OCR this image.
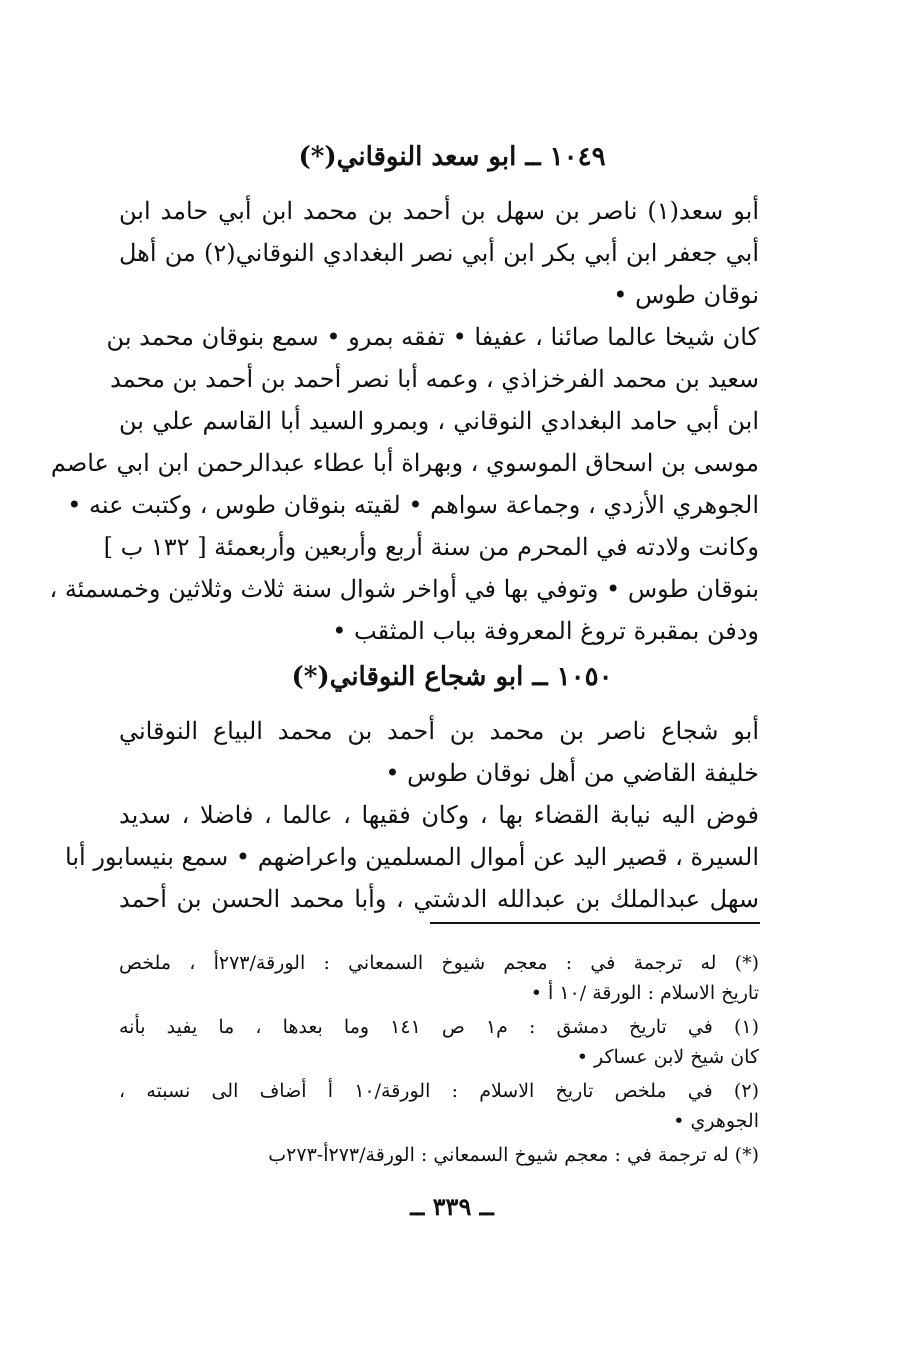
١٠٤٩ ــ ابو سعد النوقاني(*)
أبو سعد(١) ناصر بن سهل بن أحمد بن محمد ابن أبي حامد ابن
أبي جعفر ابن أبي بكر ابن أبي نصر البغدادي النوقاني(٢) من أهل
نوقان طوس •
كان شيخا عالما صائنا ، عفيفا • تفقه بمرو • سمع بنوقان محمد بن
سعيد بن محمد الفرخزاذي ، وعمه أبا نصر أحمد بن أحمد بن محمد
ابن أبي حامد البغدادي النوقاني ، وبمرو السيد أبا القاسم علي بن
موسى بن اسحاق الموسوي ، وبهراة أبا عطاء عبدالرحمن ابن ابي عاصم
الجوهري الأزدي ، وجماعة سواهم • لقيته بنوقان طوس ، وكتبت عنه •
وكانت ولادته في المحرم من سنة أربع وأربعين وأربعمئة [ ١٣٢ ب ]
بنوقان طوس • وتوفي بها في أواخر شوال سنة ثلاث وثلاثين وخمسمئة ،
ودفن بمقبرة تروغ المعروفة بباب المثقب •
١٠٥٠ ــ ابو شجاع النوقاني(*)
أبو شجاع ناصر بن محمد بن أحمد بن محمد البياع النوقاني
خليفة القاضي من أهل نوقان طوس •
فوض اليه نيابة القضاء بها ، وكان فقيها ، عالما ، فاضلا ، سديد
السيرة ، قصير اليد عن أموال المسلمين واعراضهم • سمع بنيسابور أبا
سهل عبدالملك بن عبدالله الدشتي ، وأبا محمد الحسن بن أحمد
(*) له ترجمة في : معجم شيوخ السمعاني : الورقة/٢٧٣أ ، ملخص
تاريخ الاسلام : الورقة /١٠ أ •
(١) في تاريخ دمشق : م١ ص ١٤١ وما بعدها ، ما يفيد بأنه
كان شيخ لابن عساكر •
(٢) في ملخص تاريخ الاسلام : الورقة/١٠ أ أضاف الى نسبته ،
الجوهري •
(*) له ترجمة في : معجم شيوخ السمعاني : الورقة/٢٧٣أ-٢٧٣ب
ــ ٣٣٩ ــ
